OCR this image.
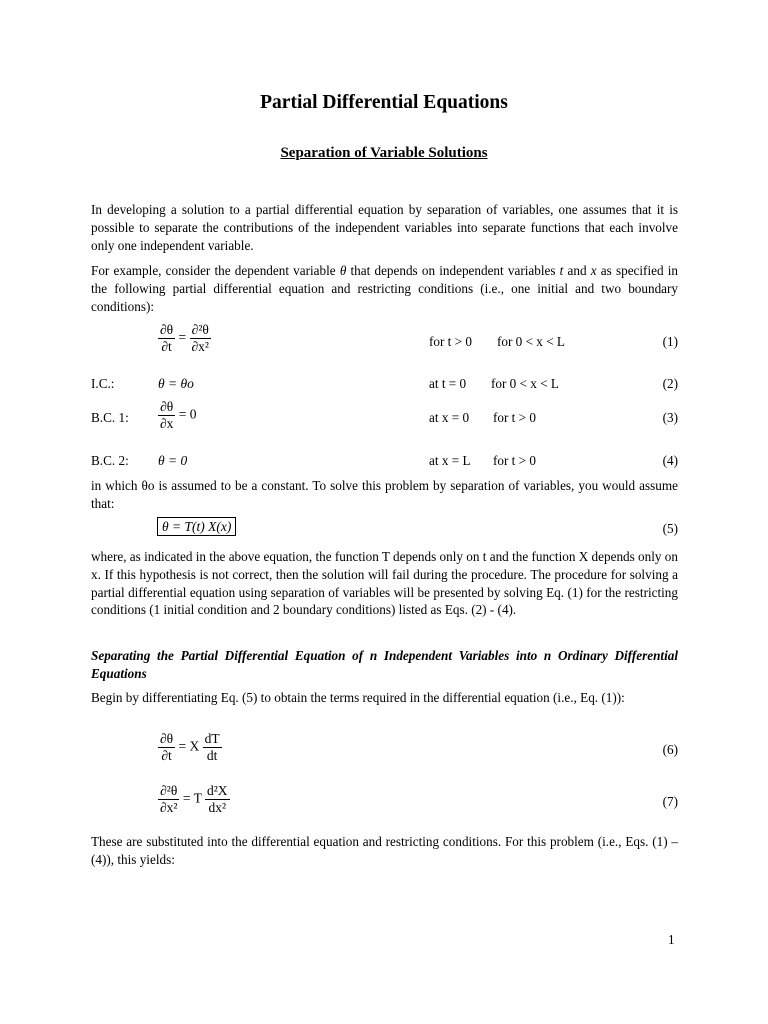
Partial Differential Equations
Separation of Variable Solutions
In developing a solution to a partial differential equation by separation of variables, one assumes that it is possible to separate the contributions of the independent variables into separate functions that each involve only one independent variable.
For example, consider the dependent variable θ that depends on independent variables t and x as specified in the following partial differential equation and restricting conditions (i.e., one initial and two boundary conditions):
$\frac{\partial\theta}{\partial t} = \frac{\text{∂²θ}}{\text{∂x²}}$	for t > 0 for 0 < x < L	(1)
I.C.:	θ = θo	at t = 0 for 0 < x < L	(2)
B.C. 1: $\frac{\partial\theta}{\partial x} = 0$	at x = 0 for t > 0	(3)
B.C. 2: θ = 0	at x = L for t > 0	(4)
in which θo is assumed to be a constant. To solve this problem by separation of variables, you would assume that:
θ = T(t) X(x)	(5)
where, as indicated in the above equation, the function T depends only on t and the function X depends only on x. If this hypothesis is not correct, then the solution will fail during the procedure. The procedure for solving a partial differential equation using separation of variables will be presented by solving Eq. (1) for the restricting conditions (1 initial condition and 2 boundary conditions) listed as Eqs. (2) - (4).
Separating the Partial Differential Equation of n Independent Variables into n Ordinary Differential Equations
Begin by differentiating Eq. (5) to obtain the terms required in the differential equation (i.e., Eq. (1)):
$\frac{\partial\theta}{\partial t} = X \frac{dT}{dt}$	(6)
$\frac{\text{∂²θ}}{\text{∂x²}} = T \frac{\text{d²X}}{\text{dx²}}$	(7)
These are substituted into the differential equation and restricting conditions. For this problem (i.e., Eqs. (1) – (4)), this yields:
1
